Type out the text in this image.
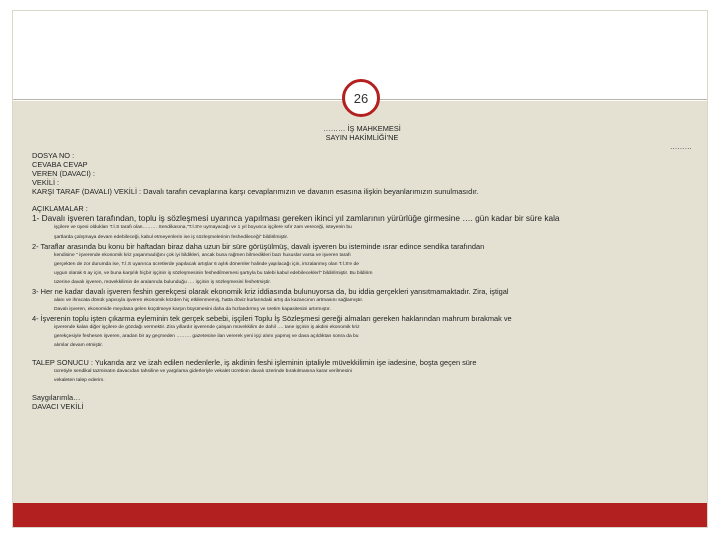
26
……… İŞ MAHKEMESİ
SAYIN HAKİMLİĞİ'NE
………
DOSYA NO :
CEVABA CEVAP
VEREN (DAVACI) :
VEKİLİ :
KARŞI TARAF (DAVALI) VEKİLİ : Davalı tarafın cevaplarına karşı cevaplarımızın ve davanın esasına ilişkin beyanlarımızın sunulmasıdır.
AÇIKLAMALAR :
1- Davalı işveren tarafından, toplu iş sözleşmesi uyarınca yapılması gereken ikinci yıl zamlarının yürürlüğe girmesine …. gün kadar bir süre kala
işçilere ve üyesi oldukları T.İ.S tarafı olan……… Sendikasına,"T.İ.S'e uymayacağı ve 1 yıl boyunca işçilere sıfır zam vereceği, isteyenin bu
şartlarda çalışmaya devam edebileceği, kabul etmeyenlerin ise iş sözleşmelerinin feshedileceği" bildirilmiştir.
2- Taraflar arasında bu konu bir haftadan biraz daha uzun bir süre görüşülmüş, davalı işveren bu isteminde ısrar edince sendika tarafından
kendisine " işverende ekonomik kriz yaşanmadığını çok iyi bildikleri, ancak buna rağmen bilmedikleri bazı hususlar varsa ve işveren tarafı
gerçekten de zor durumda ise, T.İ.S uyarınca ücretlerde yapılacak artışlar 6 aylık dönemler halinde yapılacağı için, imzalanmış olan T.İ.S'e de
uygun olarak 6 ay için, ve buna karşılık hiçbir işçinin iş sözleşmesinin feshedilmemesi şartıyla bu talebi kabul edebileceklerl" bildirilmiştir. Bu bildirim
üzerine davalı işveren, müvekkilimin de aralarında bulunduğu …. işçinin iş sözleşmesini feshetmiştir.
3- Her ne kadar davalı işveren feshin gerekçesi olarak ekonomik kriz iddiasında bulunuyorsa da, bu iddia gerçekleri yansıtmamaktadır. Zira, iştigal
alanı ve ihracata dönük yapısıyla işveren ekonomik krizden hiç etkilenmemiş, hatta döviz kurlarındaki artış da kazancının artmasını sağlamıştır.
Davalı işveren, ekonomide meydana gelen küçülmeye karşın büyümesini daha da hızlandırmış ve üretim kapasitesini artırmıştır.
4- İşverenin toplu işten çıkarma eyleminin tek gerçek sebebi, işçileri Toplu İş Sözleşmesi gereği almaları gereken haklarından mahrum bırakmak ve
işverende kalan diğer işçilere de gözdağı vermektir. Zira yıllardır işverende çalışan müvekkilim de dahil …. tane işçinin iş akdini ekonomik kriz
gerekçesiyle feshesen işveren, aradan bir ay geçmeden ……… gazetesine ilan vererek yeni işçi alımı yapmış ve dava açıldıktan sonra da bu
alımlar devam etmiştir.
TALEP SONUCU : Yukarıda arz ve izah edilen nedenlerle, iş akdinin feshi işleminin iptaliyle müvekkilimin işe iadesine, boşta geçen süre
ücretiyle sendikal tazminatın davacıdan tahsiline ve yargılama giderleriyle vekalet ücretinin davalı üzerinde bırakılmasına karar verilmesini
vekaleten talep ederim.
Saygılarımla…
DAVACI VEKİLİ
